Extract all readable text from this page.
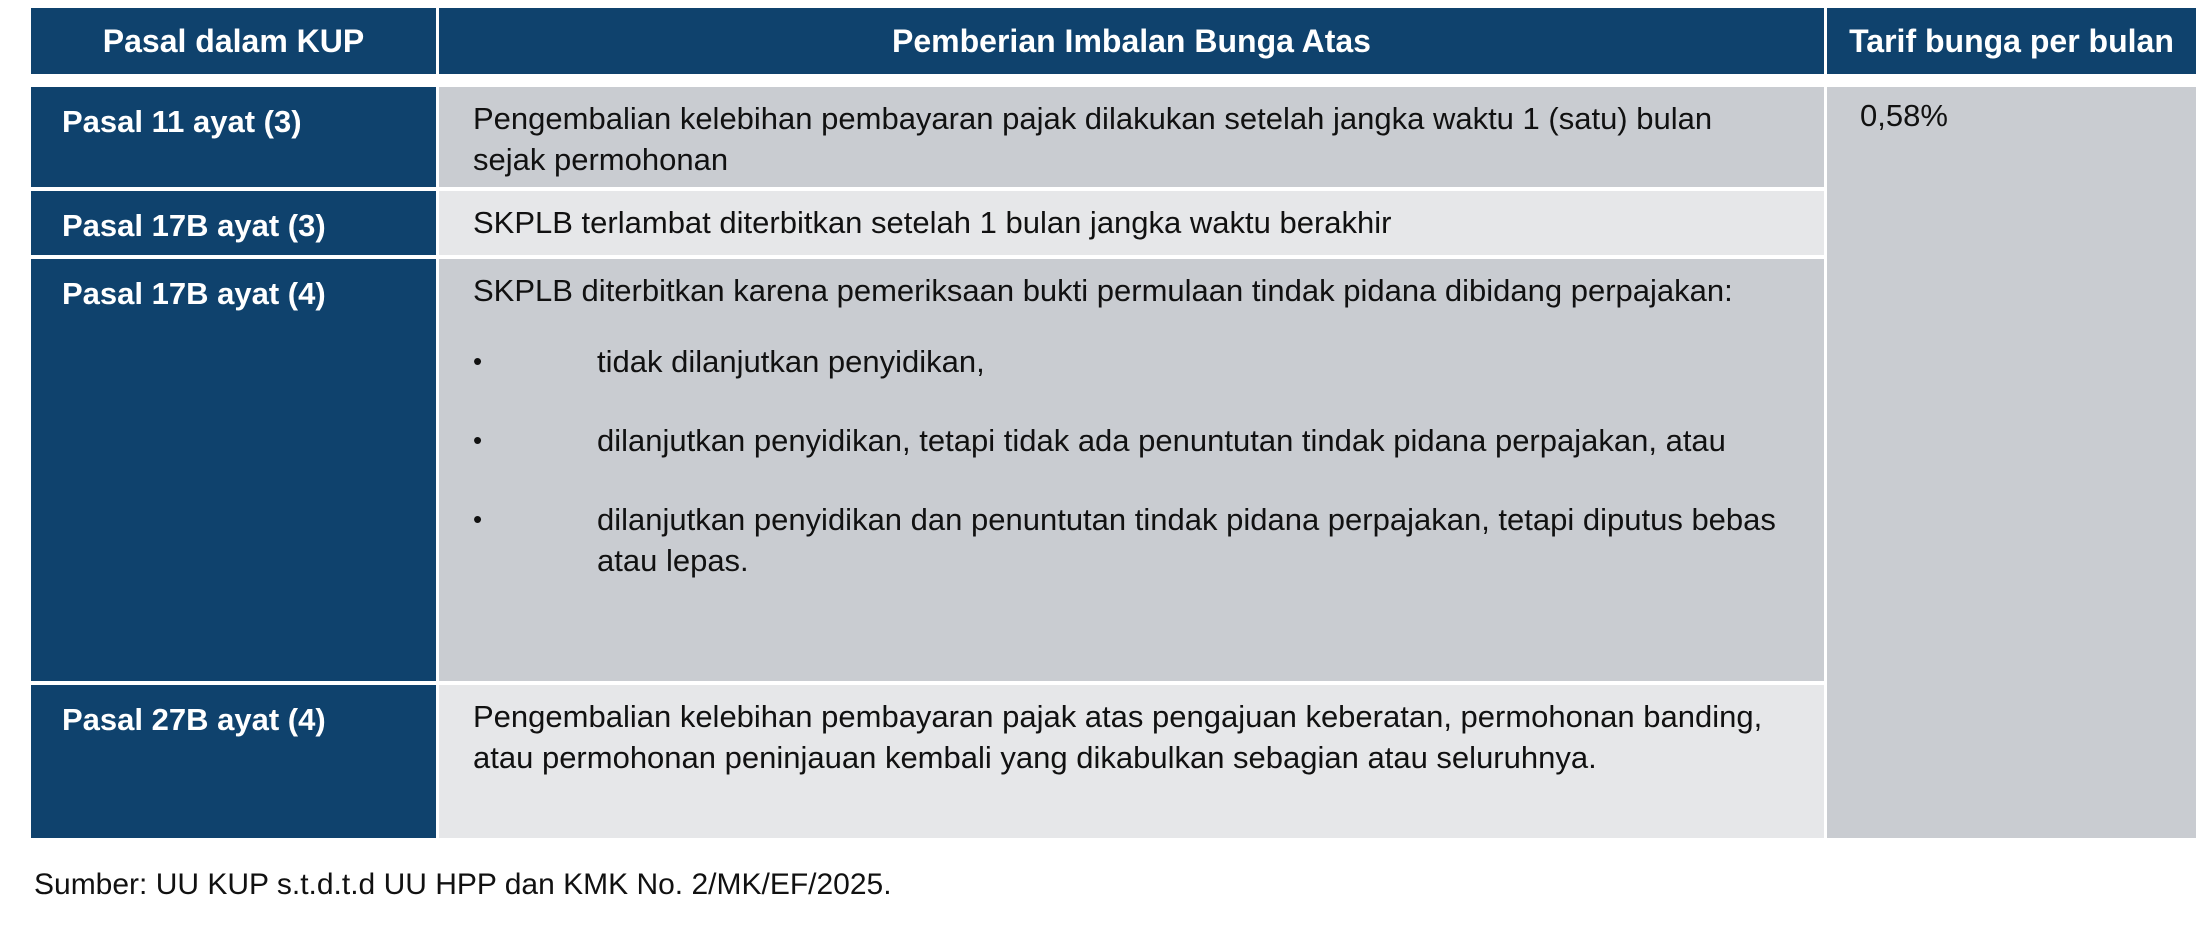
Pasal dalam KUP	Pemberian Imbalan Bunga Atas	Tarif bunga per bulan
Pasal 11 ayat (3)	Pengembalian kelebihan pembayaran pajak dilakukan setelah jangka waktu 1 (satu) bulan sejak permohonan
0,58%
Pasal 17B ayat (3)	SKPLB terlambat diterbitkan setelah 1 bulan jangka waktu berakhir
Pasal 17B ayat (4)	SKPLB diterbitkan karena pemeriksaan bukti permulaan tindak pidana dibidang perpajakan:
•	tidak dilanjutkan penyidikan,
•	dilanjutkan penyidikan, tetapi tidak ada penuntutan tindak pidana perpajakan, atau
•	dilanjutkan penyidikan dan penuntutan tindak pidana perpajakan, tetapi diputus bebas atau lepas.
Pasal 27B ayat (4)	Pengembalian kelebihan pembayaran pajak atas pengajuan keberatan, permohonan banding, atau permohonan peninjauan kembali yang dikabulkan sebagian atau seluruhnya.
Sumber: UU KUP s.t.d.t.d UU HPP dan KMK No. 2/MK/EF/2025.
